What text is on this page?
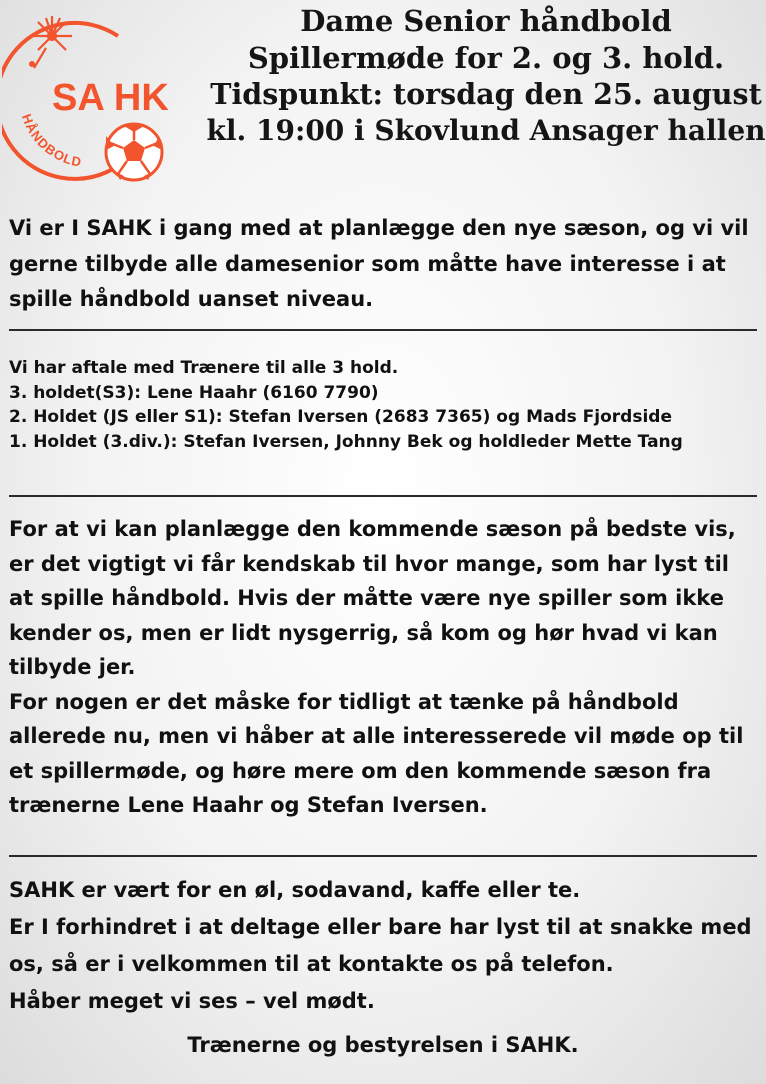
SA HK
HÅNDBOLD
Dame Senior håndbold
Spillermøde for 2. og 3. hold.
Tidspunkt: torsdag den 25. august
kl. 19:00 i Skovlund Ansager hallen
Vi er I SAHK i gang med at planlægge den nye sæson, og vi vil
gerne tilbyde alle damesenior som måtte have interesse i at
spille håndbold uanset niveau.
Vi har aftale med Trænere til alle 3 hold.
3. holdet(S3): Lene Haahr (6160 7790)
2. Holdet (JS eller S1): Stefan Iversen (2683 7365) og Mads Fjordside
1. Holdet (3.div.): Stefan Iversen, Johnny Bek og holdleder Mette Tang
For at vi kan planlægge den kommende sæson på bedste vis,
er det vigtigt vi får kendskab til hvor mange, som har lyst til
at spille håndbold. Hvis der måtte være nye spiller som ikke
kender os, men er lidt nysgerrig, så kom og hør hvad vi kan
tilbyde jer.
For nogen er det måske for tidligt at tænke på håndbold
allerede nu, men vi håber at alle interesserede vil møde op til
et spillermøde, og høre mere om den kommende sæson fra
trænerne Lene Haahr og Stefan Iversen.
SAHK er vært for en øl, sodavand, kaffe eller te.
Er I forhindret i at deltage eller bare har lyst til at snakke med
os, så er i velkommen til at kontakte os på telefon.
Håber meget vi ses – vel mødt.
Trænerne og bestyrelsen i SAHK.
